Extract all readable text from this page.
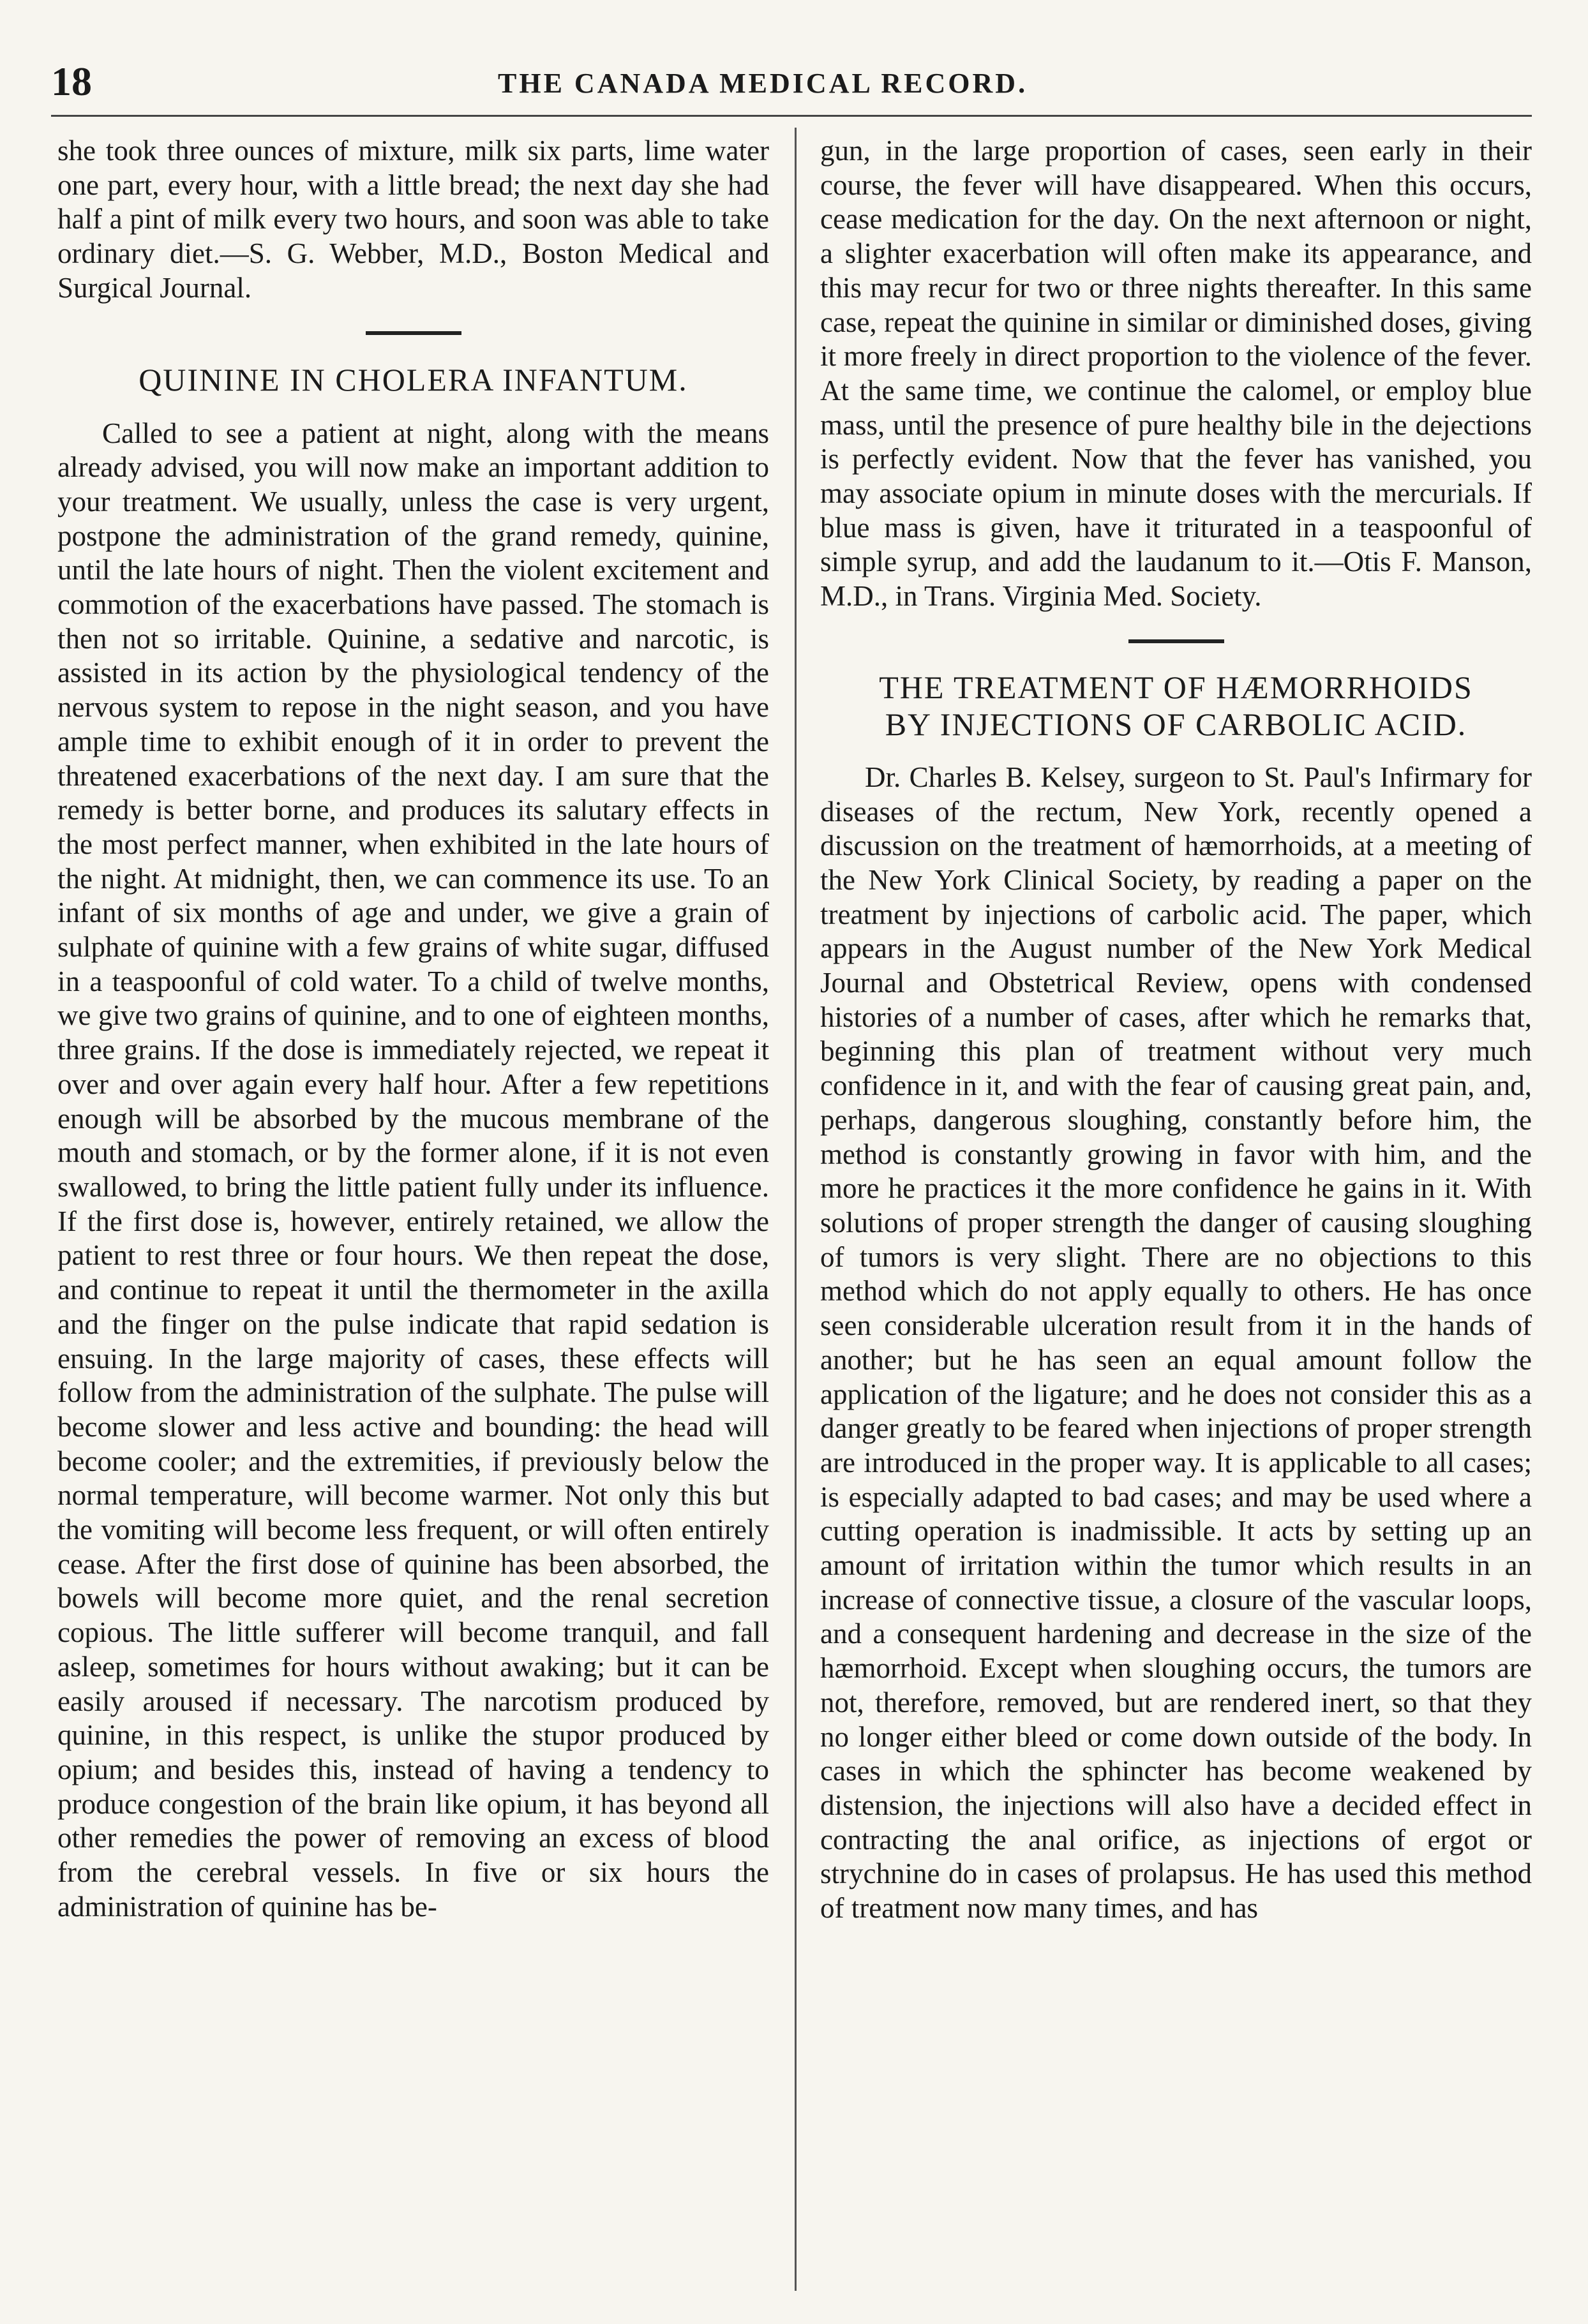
18	THE CANADA MEDICAL RECORD.

she took three ounces of mixture, milk six parts, lime water one part, every hour, with a little bread; the next day she had half a pint of milk every two hours, and soon was able to take ordinary diet.—S. G. Webber, M.D., Boston Medical and Surgical Journal.

QUININE IN CHOLERA INFANTUM.

Called to see a patient at night, along with the means already advised, you will now make an important addition to your treatment. We usually, unless the case is very urgent, postpone the administration of the grand remedy, quinine, until the late hours of night. Then the violent excitement and commotion of the exacerbations have passed. The stomach is then not so irritable. Quinine, a sedative and narcotic, is assisted in its action by the physiological tendency of the nervous system to repose in the night season, and you have ample time to exhibit enough of it in order to prevent the threatened exacerbations of the next day. I am sure that the remedy is better borne, and produces its salutary effects in the most perfect manner, when exhibited in the late hours of the night. At midnight, then, we can commence its use. To an infant of six months of age and under, we give a grain of sulphate of quinine with a few grains of white sugar, diffused in a teaspoonful of cold water. To a child of twelve months, we give two grains of quinine, and to one of eighteen months, three grains. If the dose is immediately rejected, we repeat it over and over again every half hour. After a few repetitions enough will be absorbed by the mucous membrane of the mouth and stomach, or by the former alone, if it is not even swallowed, to bring the little patient fully under its influence. If the first dose is, however, entirely retained, we allow the patient to rest three or four hours. We then repeat the dose, and continue to repeat it until the thermometer in the axilla and the finger on the pulse indicate that rapid sedation is ensuing. In the large majority of cases, these effects will follow from the administration of the sulphate. The pulse will become slower and less active and bounding: the head will become cooler; and the extremities, if previously below the normal temperature, will become warmer. Not only this but the vomiting will become less frequent, or will often entirely cease. After the first dose of quinine has been absorbed, the bowels will become more quiet, and the renal secretion copious. The little sufferer will become tranquil, and fall asleep, sometimes for hours without awaking; but it can be easily aroused if necessary. The narcotism produced by quinine, in this respect, is unlike the stupor produced by opium; and besides this, instead of having a tendency to produce congestion of the brain like opium, it has beyond all other remedies the power of removing an excess of blood from the cerebral vessels. In five or six hours the administration of quinine has be-

gun, in the large proportion of cases, seen early in their course, the fever will have disappeared. When this occurs, cease medication for the day. On the next afternoon or night, a slighter exacerbation will often make its appearance, and this may recur for two or three nights thereafter. In this same case, repeat the quinine in similar or diminished doses, giving it more freely in direct proportion to the violence of the fever. At the same time, we continue the calomel, or employ blue mass, until the presence of pure healthy bile in the dejections is perfectly evident. Now that the fever has vanished, you may associate opium in minute doses with the mercurials. If blue mass is given, have it triturated in a teaspoonful of simple syrup, and add the laudanum to it.—Otis F. Manson, M.D., in Trans. Virginia Med. Society.

THE TREATMENT OF HÆMORRHOIDS
BY INJECTIONS OF CARBOLIC ACID.

Dr. Charles B. Kelsey, surgeon to St. Paul's Infirmary for diseases of the rectum, New York, recently opened a discussion on the treatment of hæmorrhoids, at a meeting of the New York Clinical Society, by reading a paper on the treatment by injections of carbolic acid. The paper, which appears in the August number of the New York Medical Journal and Obstetrical Review, opens with condensed histories of a number of cases, after which he remarks that, beginning this plan of treatment without very much confidence in it, and with the fear of causing great pain, and, perhaps, dangerous sloughing, constantly before him, the method is constantly growing in favor with him, and the more he practices it the more confidence he gains in it. With solutions of proper strength the danger of causing sloughing of tumors is very slight. There are no objections to this method which do not apply equally to others. He has once seen considerable ulceration result from it in the hands of another; but he has seen an equal amount follow the application of the ligature; and he does not consider this as a danger greatly to be feared when injections of proper strength are introduced in the proper way. It is applicable to all cases; is especially adapted to bad cases; and may be used where a cutting operation is inadmissible. It acts by setting up an amount of irritation within the tumor which results in an increase of connective tissue, a closure of the vascular loops, and a consequent hardening and decrease in the size of the hæmorrhoid. Except when sloughing occurs, the tumors are not, therefore, removed, but are rendered inert, so that they no longer either bleed or come down outside of the body. In cases in which the sphincter has become weakened by distension, the injections will also have a decided effect in contracting the anal orifice, as injections of ergot or strychnine do in cases of prolapsus. He has used this method of treatment now many times, and has
